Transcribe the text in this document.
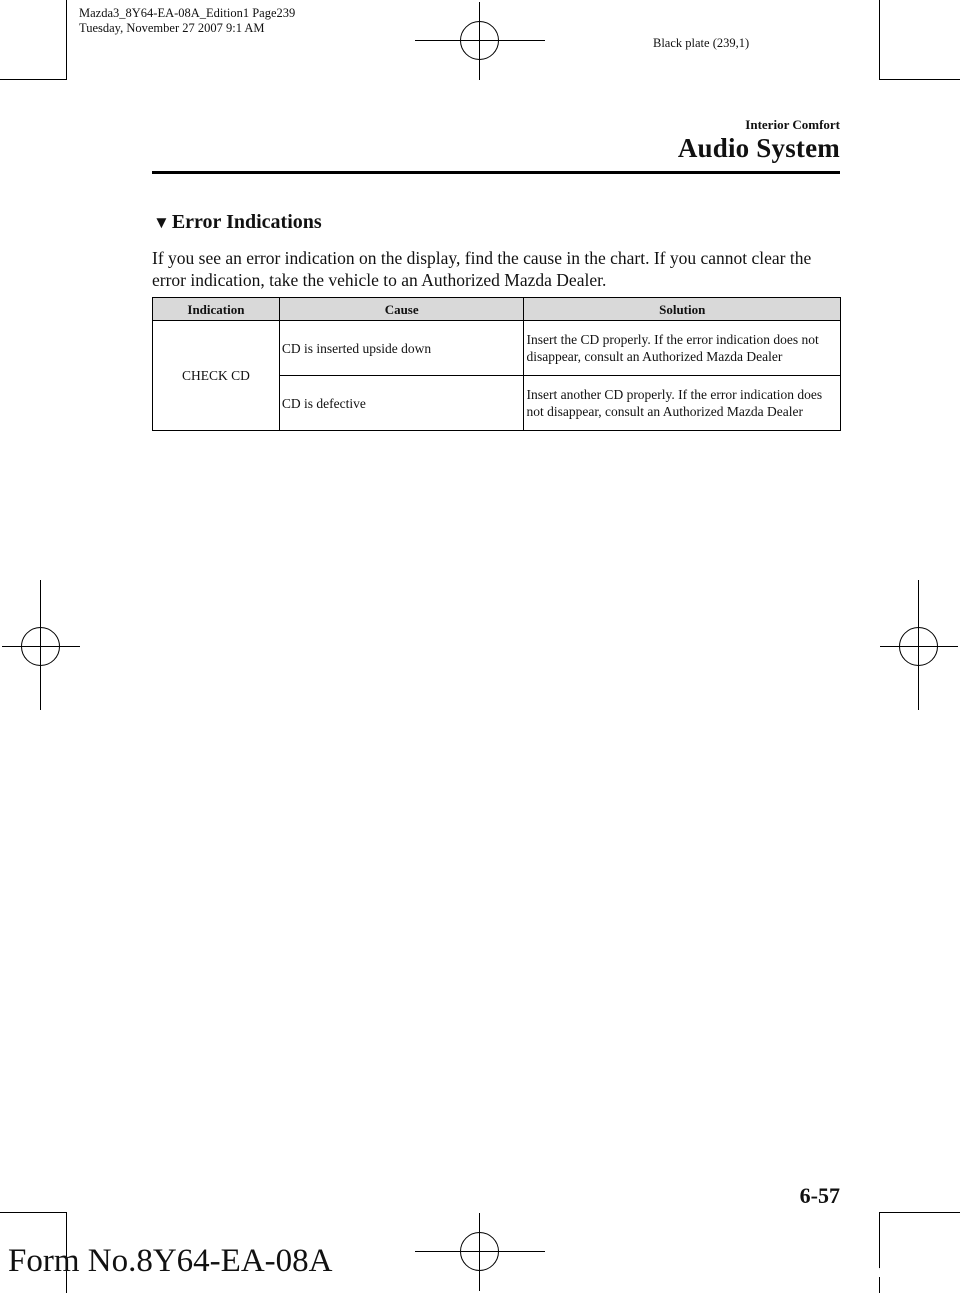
Mazda3_8Y64-EA-08A_Edition1 Page239
Tuesday, November 27 2007 9:1 AM
Black plate (239,1)
Interior Comfort
Audio System
▼ Error Indications
If you see an error indication on the display, find the cause in the chart. If you cannot clear the error indication, take the vehicle to an Authorized Mazda Dealer.
Indication	Cause	Solution
CHECK CD	CD is inserted upside down	Insert the CD properly. If the error indication does not disappear, consult an Authorized Mazda Dealer
	CD is defective	Insert another CD properly. If the error indication does not disappear, consult an Authorized Mazda Dealer
6-57
Form No.8Y64-EA-08A	carmanualsonline.info
